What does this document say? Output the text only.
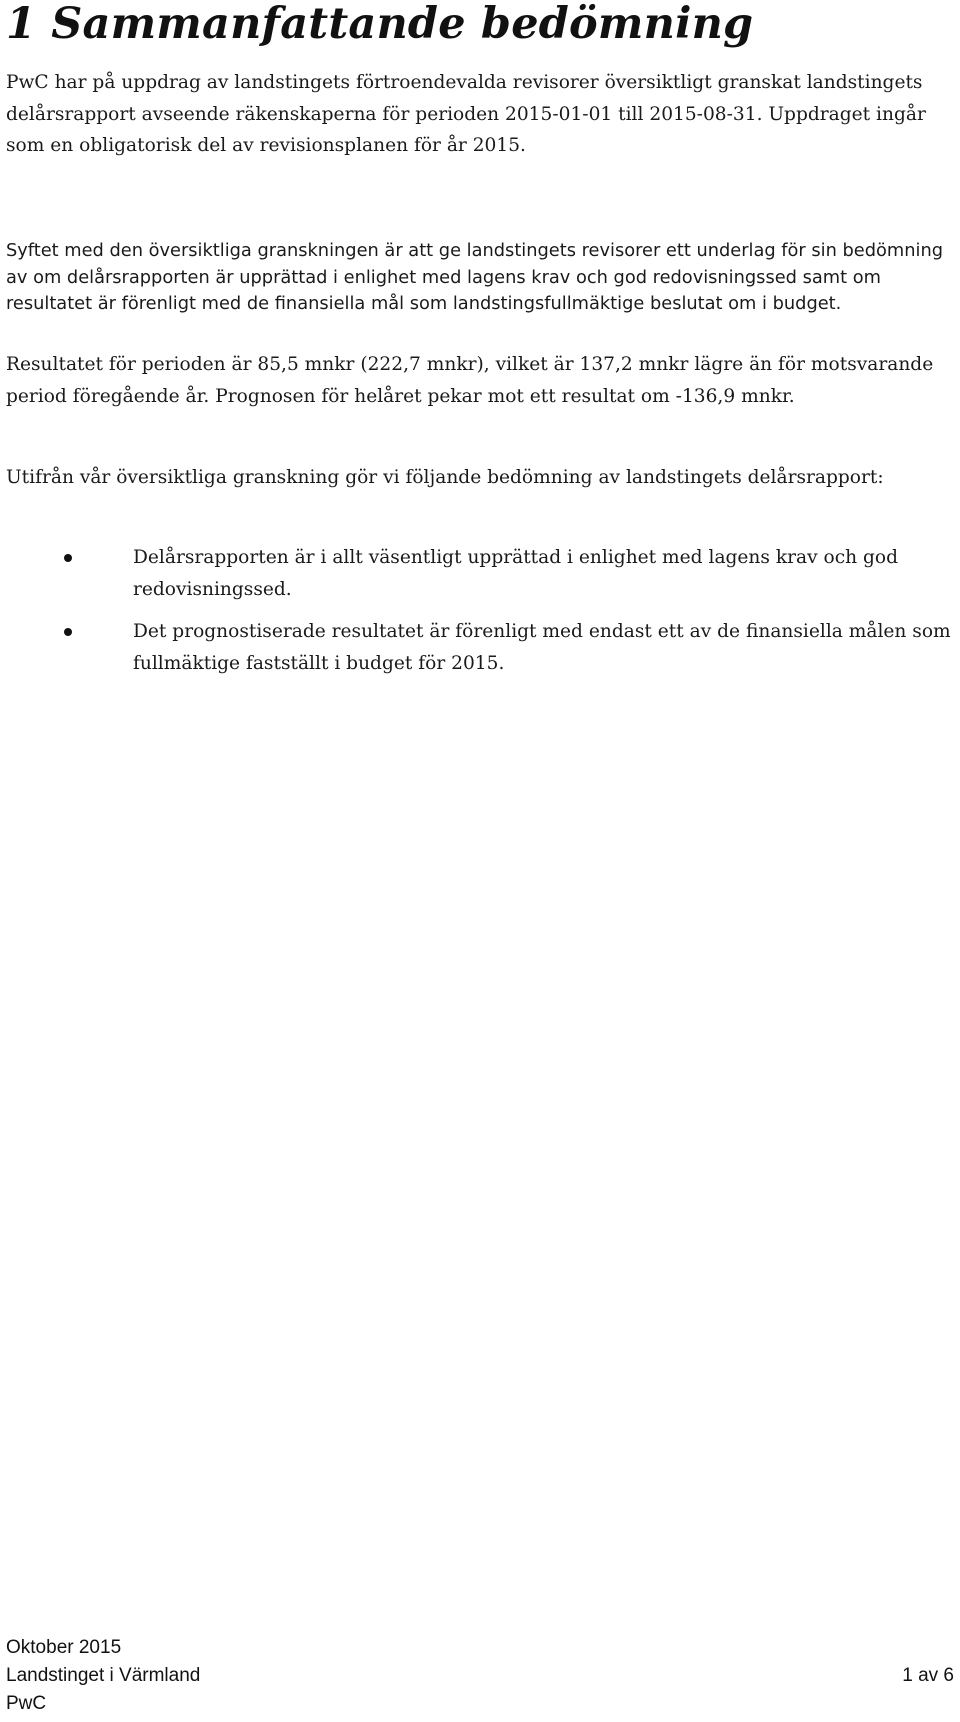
1 Sammanfattande bedömning

PwC har på uppdrag av landstingets förtroendevalda revisorer översiktligt granskat landstingets delårsrapport avseende räkenskaperna för perioden 2015-01-01 till 2015-08-31. Uppdraget ingår som en obligatorisk del av revisionsplanen för år 2015.

Syftet med den översiktliga granskningen är att ge landstingets revisorer ett underlag för sin bedömning av om delårsrapporten är upprättad i enlighet med lagens krav och god redovisningssed samt om resultatet är förenligt med de finansiella mål som landstingsfullmäktige beslutat om i budget.

Resultatet för perioden är 85,5 mnkr (222,7 mnkr), vilket är 137,2 mnkr lägre än för motsvarande period föregående år. Prognosen för helåret pekar mot ett resultat om -136,9 mnkr.

Utifrån vår översiktliga granskning gör vi följande bedömning av landstingets delårsrapport:

Delårsrapporten är i allt väsentligt upprättad i enlighet med lagens krav och god redovisningssed.
Det prognostiserade resultatet är förenligt med endast ett av de finansiella målen som fullmäktige fastställt i budget för 2015.
Oktober 2015
Landstinget i Värmland	1 av 6
PwC
